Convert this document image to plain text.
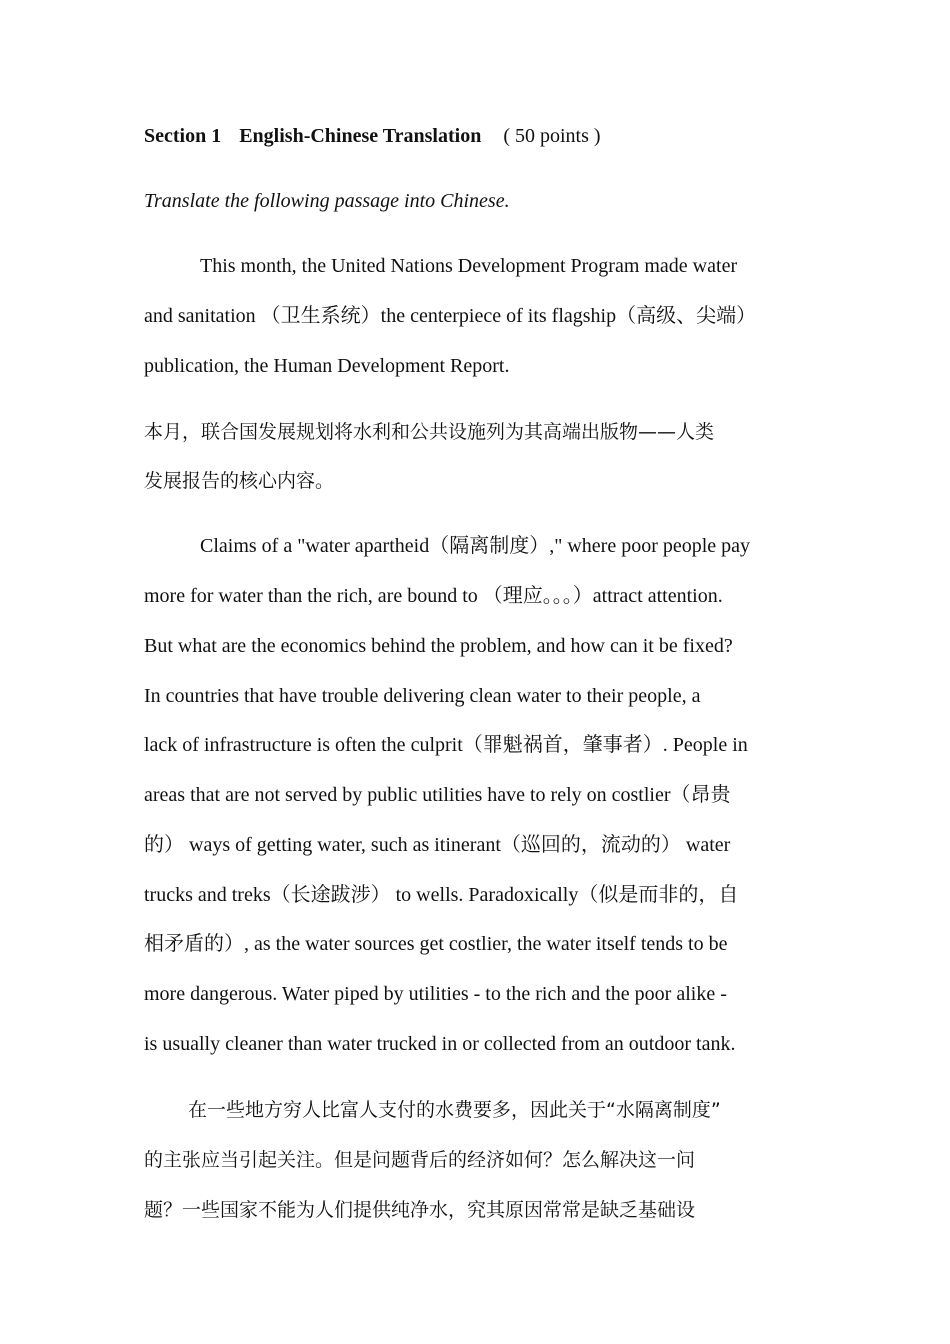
Section 1 English-Chinese Translation ( 50 points )
Translate the following passage into Chinese.
This month, the United Nations Development Program made water
and sanitation （卫生系统）the centerpiece of its flagship（高级、尖端）
publication, the Human Development Report.
本月，联合国发展规划将水利和公共设施列为其高端出版物——人类
发展报告的核心内容。
Claims of a "water apartheid（隔离制度）," where poor people pay
more for water than the rich, are bound to （理应。。。）attract attention.
But what are the economics behind the problem, and how can it be fixed?
In countries that have trouble delivering clean water to their people, a
lack of infrastructure is often the culprit（罪魁祸首，肇事者）. People in
areas that are not served by public utilities have to rely on costlier（昂贵
的） ways of getting water, such as itinerant（巡回的，流动的） water
trucks and treks（长途跋涉） to wells. Paradoxically（似是而非的，自
相矛盾的）, as the water sources get costlier, the water itself tends to be
more dangerous. Water piped by utilities - to the rich and the poor alike -
is usually cleaner than water trucked in or collected from an outdoor tank.
在一些地方穷人比富人支付的水费要多，因此关于“水隔离制度”
的主张应当引起关注。但是问题背后的经济如何？怎么解决这一问
题？一些国家不能为人们提供纯净水，究其原因常常是缺乏基础设
